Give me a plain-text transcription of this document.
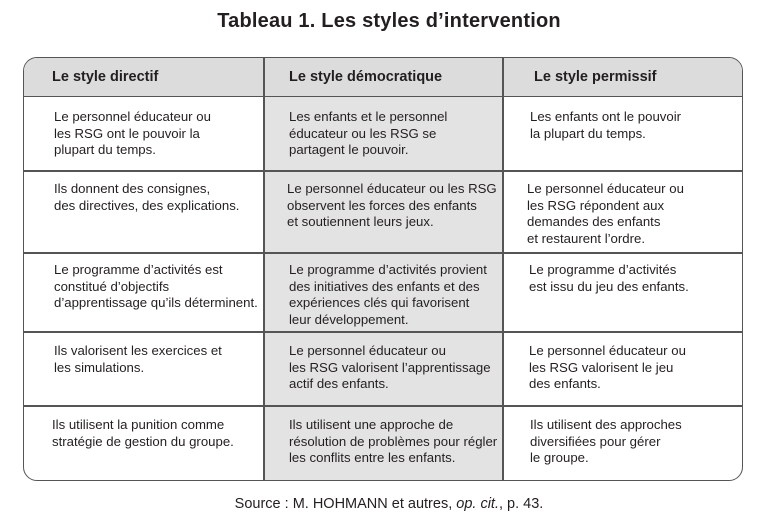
Tableau 1. Les styles d’intervention
Le style directif	Le style démocratique	Le style permissif
Le personnel éducateur ou
les RSG ont le pouvoir la
plupart du temps.
Les enfants et le personnel
éducateur ou les RSG se
partagent le pouvoir.
Les enfants ont le pouvoir
la plupart du temps.
Ils donnent des consignes,
des directives, des explications.
Le personnel éducateur ou les RSG
observent les forces des enfants
et soutiennent leurs jeux.
Le personnel éducateur ou
les RSG répondent aux
demandes des enfants
et restaurent l’ordre.
Le programme d’activités est
constitué d’objectifs
d’apprentissage qu’ils déterminent.
Le programme d’activités provient
des initiatives des enfants et des
expériences clés qui favorisent
leur développement.
Le programme d’activités
est issu du jeu des enfants.
Ils valorisent les exercices et
les simulations.
Le personnel éducateur ou
les RSG valorisent l’apprentissage
actif des enfants.
Le personnel éducateur ou
les RSG valorisent le jeu
des enfants.
Ils utilisent la punition comme
stratégie de gestion du groupe.
Ils utilisent une approche de
résolution de problèmes pour régler
les conflits entre les enfants.
Ils utilisent des approches
diversifiées pour gérer
le groupe.
Source : M. HOHMANN et autres, op. cit., p. 43.
